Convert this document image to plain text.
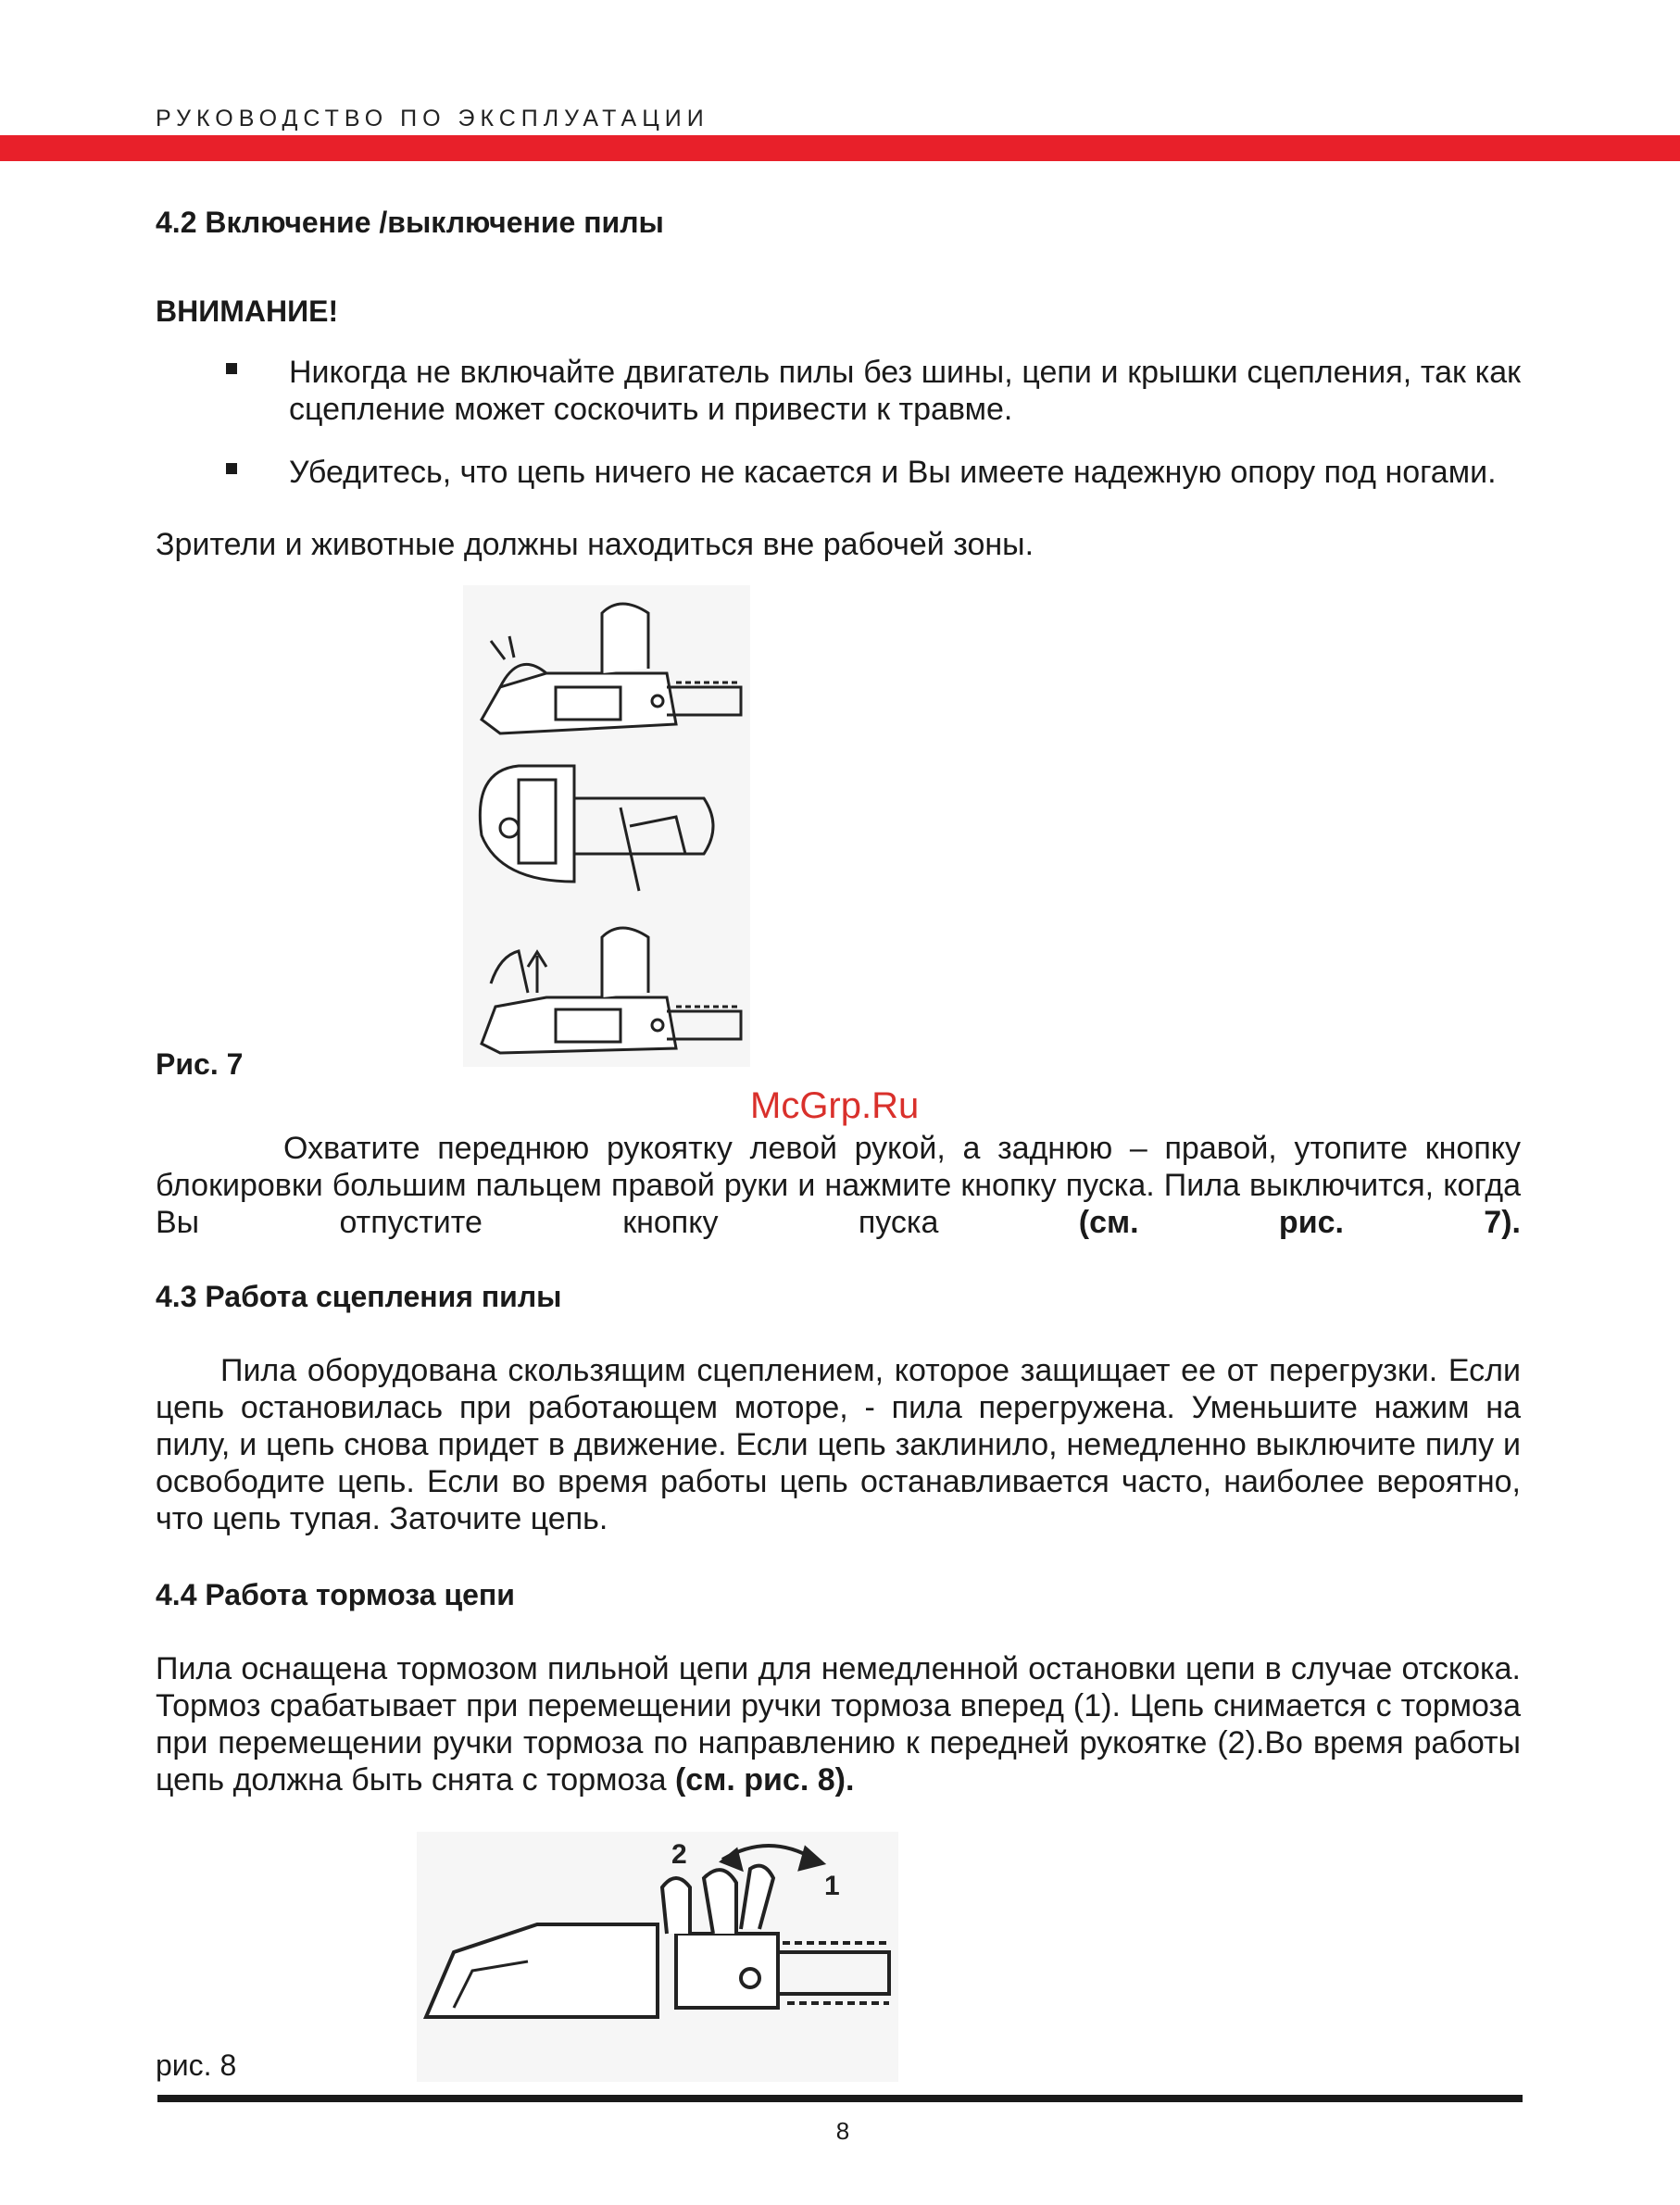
РУКОВОДСТВО ПО ЭКСПЛУАТАЦИИ
4.2 Включение /выключение пилы
ВНИМАНИЕ!
Никогда не включайте двигатель пилы без шины, цепи и крышки сцепления, так как сцепление может соскочить и привести к травме.
Убедитесь, что цепь ничего не касается и Вы имеете надежную опору под ногами.
Зрители и животные должны находиться вне рабочей зоны.
Рис. 7
McGrp.Ru
Охватите переднюю рукоятку левой рукой, а заднюю – правой, утопите кнопку блокировки большим пальцем правой руки и нажмите кнопку пуска. Пила выключится, когда Вы отпустите кнопку пуска	(см. рис. 7).
4.3 Работа сцепления пилы
Пила оборудована скользящим сцеплением, которое защищает ее от перегрузки. Если цепь остановилась при работающем моторе, - пила перегружена. Уменьшите нажим на пилу, и цепь снова придет в движение. Если цепь заклинило, немедленно выключите пилу и освободите цепь. Если во время работы цепь останавливается часто, наиболее вероятно, что цепь тупая. Заточите цепь.
4.4 Работа тормоза цепи
Пила оснащена тормозом пильной цепи для немедленной остановки цепи в случае отскока. Тормоз срабатывает при перемещении ручки тормоза вперед (1). Цепь снимается с тормоза при перемещении ручки тормоза по направлению к передней рукоятке (2).Во время работы цепь должна быть снята с тормоза (см. рис. 8).
2
1
рис. 8
8
